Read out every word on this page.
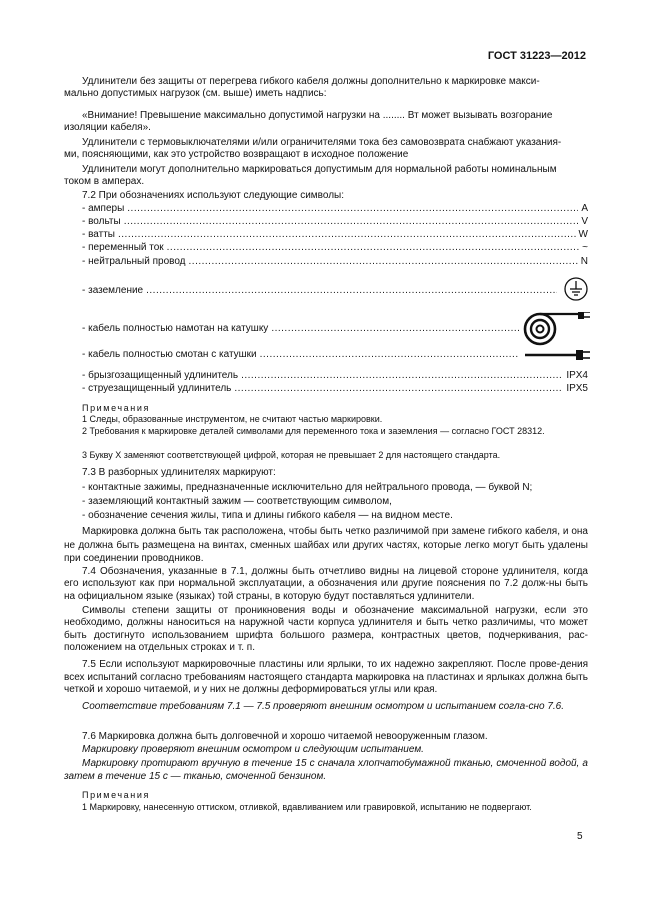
ГОСТ 31223—2012
Удлинители без защиты от перегрева гибкого кабеля должны дополнительно к маркировке макси-
мально допустимых нагрузок (см. выше) иметь надпись:
«Внимание! Превышение максимально допустимой нагрузки на ........ Вт может вызывать возгорание
изоляции кабеля».
Удлинители с термовыключателями и/или ограничителями тока без самовозврата снабжают указания-
ми, поясняющими, как это устройство возвращают в исходное положение
Удлинители могут дополнительно маркироваться допустимым для нормальной работы номинальным
током в амперах.
7.2 При обозначениях используют следующие символы:
- амперы .....	A
- вольты .....	V
- ватты .....	W
- переменный ток .....	~
- нейтральный провод .....	N
- заземление
.....
- кабель полностью намотан на катушку
.....
- кабель полностью смотан с катушки
.....
- брызгозащищенный удлинитель .....	IPX4
- струезащищенный удлинитель .....	IPX5
Примечания
1 Следы, образованные инструментом, не считают частью маркировки.
2 Требования к маркировке деталей символами для переменного тока и заземления — согласно ГОСТ 28312.
3 Букву X заменяют соответствующей цифрой, которая не превышает 2 для настоящего стандарта.
7.3 В разборных удлинителях маркируют:
- контактные зажимы, предназначенные исключительно для нейтрального провода, — буквой N;
- заземляющий контактный зажим — соответствующим символом,
- обозначение сечения жилы, типа и длины гибкого кабеля — на видном месте.
Маркировка должна быть так расположена, чтобы быть четко различимой при замене гибкого кабеля, и она не должна быть размещена на винтах, сменных шайбах или других частях, которые легко могут быть удалены при соединении проводников.
7.4 Обозначения, указанные в 7.1, должны быть отчетливо видны на лицевой стороне удлинителя, когда его используют как при нормальной эксплуатации, а обозначения или другие пояснения по 7.2 долж-ны быть на официальном языке (языках) той страны, в которую будут поставляться удлинители.
Символы степени защиты от проникновения воды и обозначение максимальной нагрузки, если это необходимо, должны наноситься на наружной части корпуса удлинителя и быть четко различимы, что может быть достигнуто использованием шрифта большого размера, контрастных цветов, подчеркивания, рас-положением на отдельных строках и т. п.
7.5 Если используют маркировочные пластины или ярлыки, то их надежно закрепляют. После прове-дения всех испытаний согласно требованиям настоящего стандарта маркировка на пластинах и ярлыках должна быть четкой и хорошо читаемой, и у них не должны деформироваться углы или края.
Соответствие требованиям 7.1 — 7.5 проверяют внешним осмотром и испытанием согла-сно 7.6.
7.6 Маркировка должна быть долговечной и хорошо читаемой невооруженным глазом.
Маркировку проверяют внешним осмотром и следующим испытанием.
Маркировку протирают вручную в течение 15 с сначала хлопчатобумажной тканью, смоченной водой, а затем в течение 15 с — тканью, смоченной бензином.
Примечания
1 Маркировку, нанесенную оттиском, отливкой, вдавливанием или гравировкой, испытанию не подвергают.
5
